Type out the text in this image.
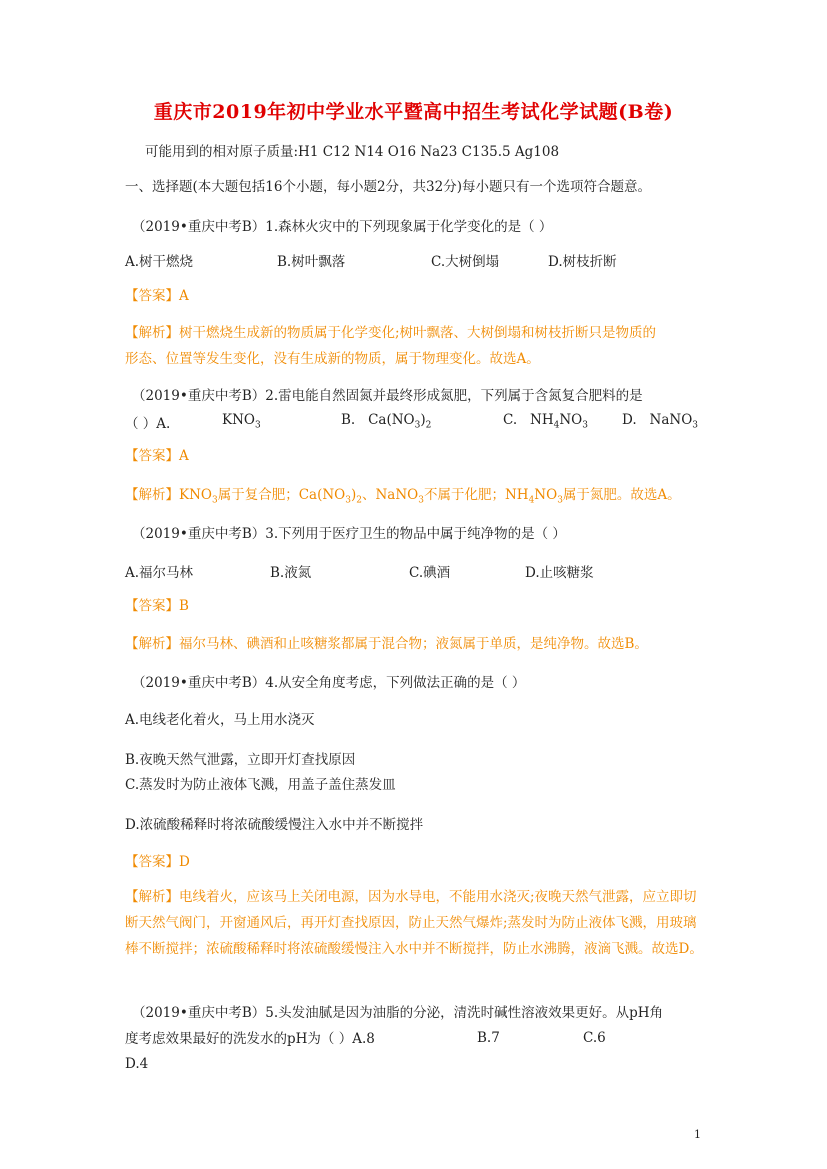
重庆市2019年初中学业水平暨高中招生考试化学试题(B卷)
可能用到的相对原子质量:H1 C12 N14 O16 Na23 C135.5 Ag108
一、选择题(本大题包括16个小题，每小题2分，共32分)每小题只有一个选项符合题意。
（2019•重庆中考B）1.森林火灾中的下列现象属于化学变化的是（ ）
A.树干燃烧	B.树叶飘落	C.大树倒塌	D.树枝折断
【答案】A
【解析】树干燃烧生成新的物质属于化学变化;树叶飘落、大树倒塌和树枝折断只是物质的
形态、位置等发生变化，没有生成新的物质，属于物理变化。故选A。
（2019•重庆中考B）2.雷电能自然固氮并最终形成氮肥，下列属于含氮复合肥料的是
（ ）A.	$KNO_3$	B. $Ca(NO_3)_2$	C. $NH_4NO_3$	D. NaNO$_3$
【答案】A
【解析】$KNO_3$属于复合肥；$Ca(NO_3)_2$、NaNO$_3$不属于化肥；$NH_4NO_3$属于氮肥。故选A。
（2019•重庆中考B）3.下列用于医疗卫生的物品中属于纯净物的是（ ）
A.福尔马林	B.液氮	C.碘酒	D.止咳糖浆
【答案】B
【解析】福尔马林、碘酒和止咳糖浆都属于混合物；液氮属于单质，是纯净物。故选B。
（2019•重庆中考B）4.从安全角度考虑，下列做法正确的是（ ）
A.电线老化着火，马上用水浇灭
B.夜晚天然气泄露，立即开灯查找原因
C.蒸发时为防止液体飞溅，用盖子盖住蒸发皿
D.浓硫酸稀释时将浓硫酸缓慢注入水中并不断搅拌
【答案】D
【解析】电线着火，应该马上关闭电源，因为水导电，不能用水浇灭;夜晚天然气泄露，应立即切断天然气阀门，开窗通风后，再开灯查找原因，防止天然气爆炸;蒸发时为防止液体飞溅，用玻璃棒不断搅拌；浓硫酸稀释时将浓硫酸缓慢注入水中并不断搅拌，防止水沸腾，液滴飞溅。故选D。
（2019•重庆中考B）5.头发油腻是因为油脂的分泌，清洗时碱性溶液效果更好。从pH角
度考虑效果最好的洗发水的pH为（ ）A.8	B.7	C.6
D.4
1
